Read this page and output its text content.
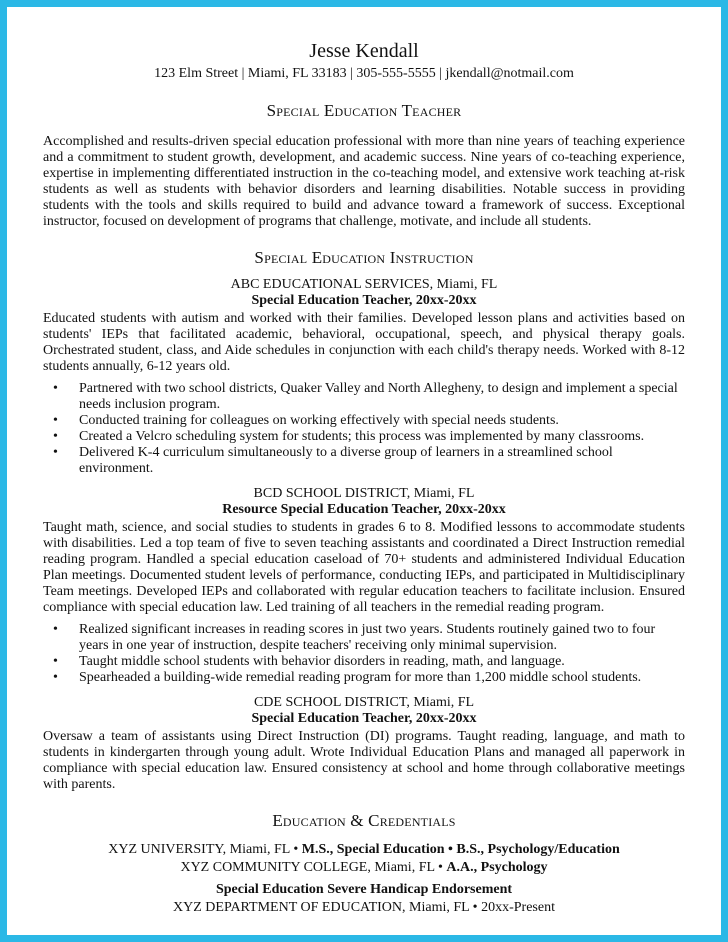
Jesse Kendall
123 Elm Street | Miami, FL 33183 | 305-555-5555 | jkendall@notmail.com
Special Education Teacher

Accomplished and results-driven special education professional with more than nine years of teaching experience and a commitment to student growth, development, and academic success. Nine years of co-teaching experience, expertise in implementing differentiated instruction in the co-teaching model, and extensive work teaching at-risk students as well as students with behavior disorders and learning disabilities. Notable success in providing students with the tools and skills required to build and advance toward a framework of success. Exceptional instructor, focused on development of programs that challenge, motivate, and include all students.

Special Education Instruction
ABC EDUCATIONAL SERVICES, Miami, FL
Special Education Teacher, 20xx-20xx

Educated students with autism and worked with their families. Developed lesson plans and activities based on students' IEPs that facilitated academic, behavioral, occupational, speech, and physical therapy goals. Orchestrated student, class, and Aide schedules in conjunction with each child's therapy needs. Worked with 8-12 students annually, 6-12 years old.

• Partnered with two school districts, Quaker Valley and North Allegheny, to design and implement a special needs inclusion program.
• Conducted training for colleagues on working effectively with special needs students.
• Created a Velcro scheduling system for students; this process was implemented by many classrooms.
• Delivered K-4 curriculum simultaneously to a diverse group of learners in a streamlined school environment.
BCD SCHOOL DISTRICT, Miami, FL
Resource Special Education Teacher, 20xx-20xx

Taught math, science, and social studies to students in grades 6 to 8. Modified lessons to accommodate students with disabilities. Led a top team of five to seven teaching assistants and coordinated a Direct Instruction remedial reading program. Handled a special education caseload of 70+ students and administered Individual Education Plan meetings. Documented student levels of performance, conducting IEPs, and participated in Multidisciplinary Team meetings. Developed IEPs and collaborated with regular education teachers to facilitate inclusion. Ensured compliance with special education law. Led training of all teachers in the remedial reading program.

• Realized significant increases in reading scores in just two years. Students routinely gained two to four years in one year of instruction, despite teachers' receiving only minimal supervision.
• Taught middle school students with behavior disorders in reading, math, and language.
• Spearheaded a building-wide remedial reading program for more than 1,200 middle school students.
CDE SCHOOL DISTRICT, Miami, FL
Special Education Teacher, 20xx-20xx

Oversaw a team of assistants using Direct Instruction (DI) programs. Taught reading, language, and math to students in kindergarten through young adult. Wrote Individual Education Plans and managed all paperwork in compliance with special education law. Ensured consistency at school and home through collaborative meetings with parents.

Education & Credentials
XYZ UNIVERSITY, Miami, FL • M.S., Special Education • B.S., Psychology/Education
XYZ COMMUNITY COLLEGE, Miami, FL • A.A., Psychology
Special Education Severe Handicap Endorsement
XYZ DEPARTMENT OF EDUCATION, Miami, FL • 20xx-Present
